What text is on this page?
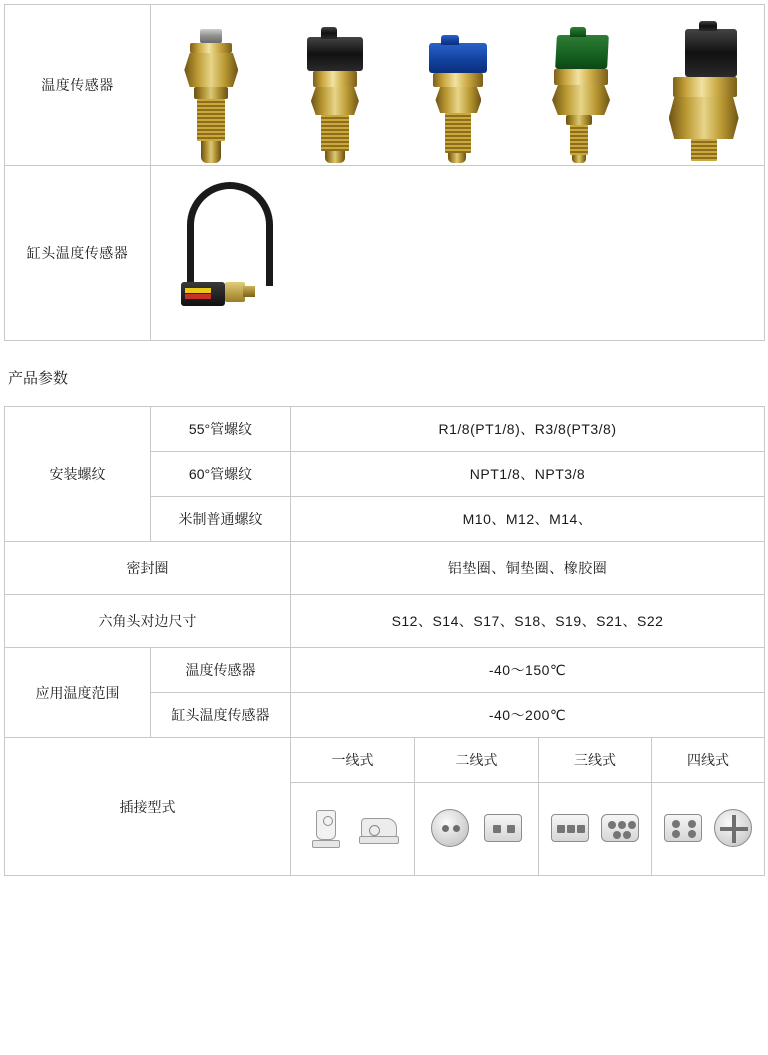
温度传感器	

缸头温度传感器	
产品参数
安装螺纹	55°管螺纹	R1/8(PT1/8)、R3/8(PT3/8)			
	60°管螺纹	NPT1/8、NPT3/8			
	米制普通螺纹	M10、M12、M14、			
密封圈		铝垫圈、铜垫圈、橡胶圈			
六角头对边尺寸		S12、S14、S17、S18、S19、S21、S22			
应用温度范围	温度传感器	-40～150℃			
	缸头温度传感器	-40～200℃			
插接型式		一线式	二线式	三线式	四线式
